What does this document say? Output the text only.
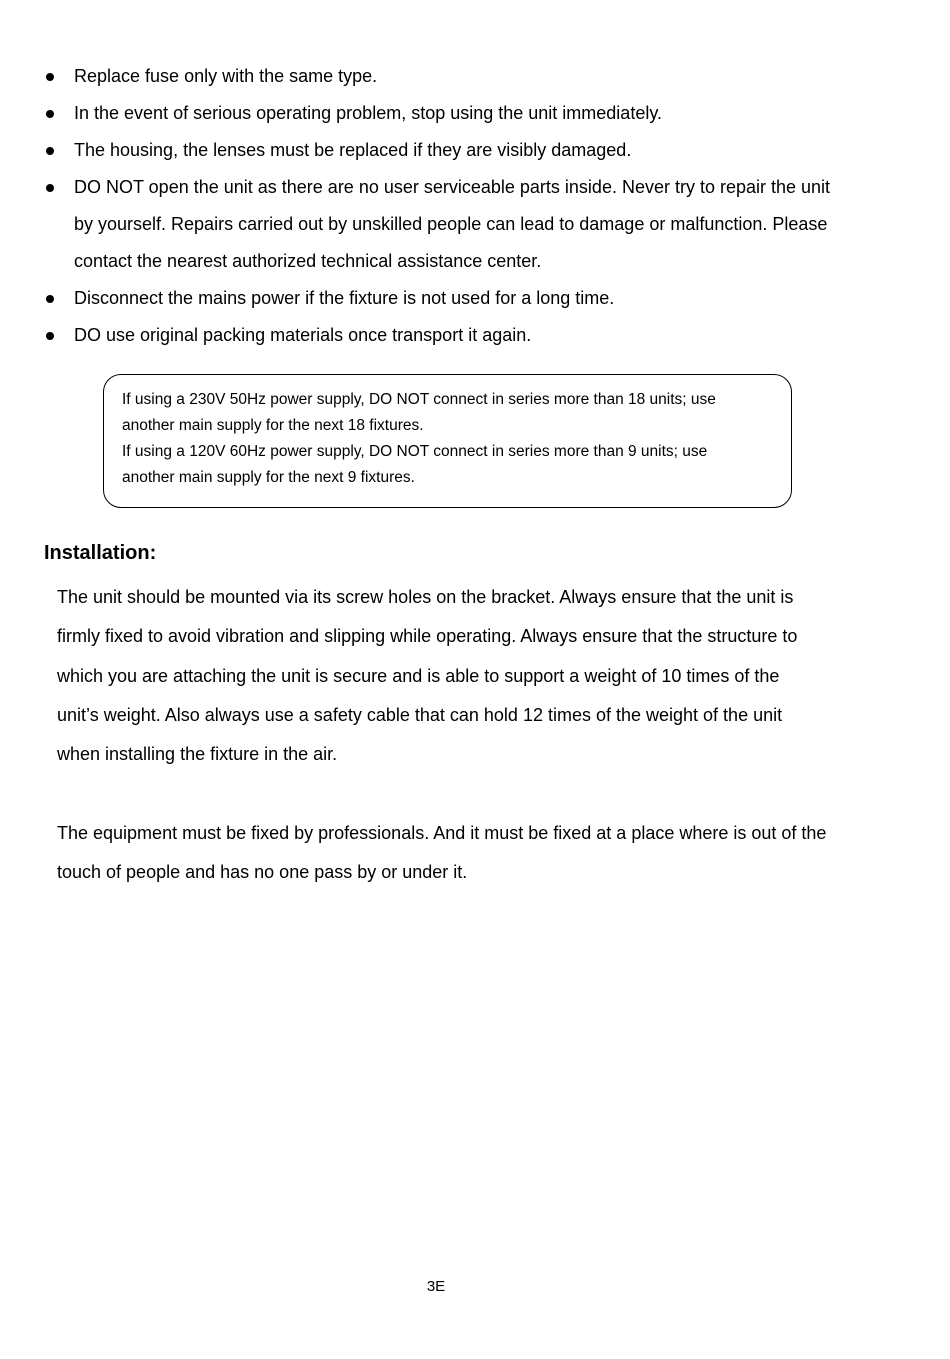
Replace fuse only with the same type.
In the event of serious operating problem, stop using the unit immediately.
The housing, the lenses must be replaced if they are visibly damaged.
DO NOT open the unit as there are no user serviceable parts inside. Never try to repair the unit
by yourself. Repairs carried out by unskilled people can lead to damage or malfunction. Please
contact the nearest authorized technical assistance center.
Disconnect the mains power if the fixture is not used for a long time.
DO use original packing materials once transport it again.
If using a 230V 50Hz power supply, DO NOT connect in series more than 18 units; use
another main supply for the next 18 fixtures.
If using a 120V 60Hz power supply, DO NOT connect in series more than 9 units; use
another main supply for the next 9 fixtures.
Installation:

The unit should be mounted via its screw holes on the bracket. Always ensure that the unit is
firmly fixed to avoid vibration and slipping while operating. Always ensure that the structure to
which you are attaching the unit is secure and is able to support a weight of 10 times of the
unit’s weight. Also always use a safety cable that can hold 12 times of the weight of the unit
when installing the fixture in the air.

The equipment must be fixed by professionals. And it must be fixed at a place where is out of the
touch of people and has no one pass by or under it.

3E
